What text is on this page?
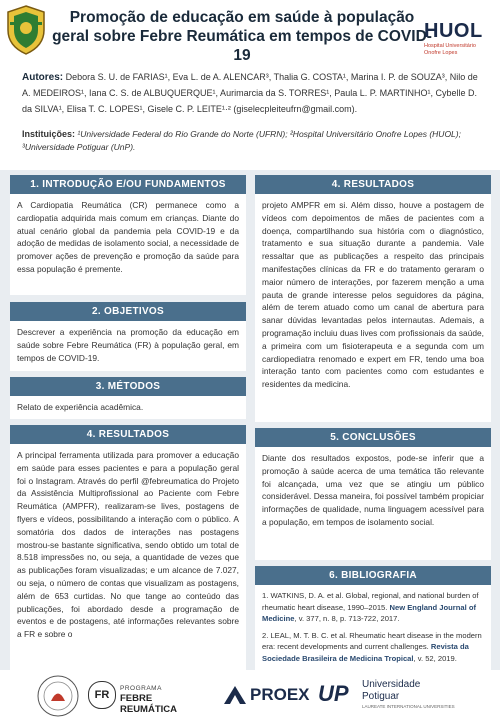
Promoção de educação em saúde à população geral sobre Febre Reumática em tempos de COVID-19
HUOL
Hospital Universitário
Onofre Lopes
Autores: Debora S. U. de FARIAS¹, Eva L. de A. ALENCAR³, Thalia G. COSTA¹, Marina I. P. de SOUZA³, Nilo de A. MEDEIROS¹, Iana C. S. de ALBUQUERQUE¹, Aurimarcia da S. TORRES¹, Paula L. P. MARTINHO¹, Cybelle D. da SILVA¹, Elisa T. C. LOPES¹, Gisele C. P. LEITE¹·² (giselecpleiteufrn@gmail.com).
Instituições: ¹Universidade Federal do Rio Grande do Norte (UFRN); ²Hospital Universitário Onofre Lopes (HUOL); ³Universidade Potiguar (UnP).
1. INTRODUÇÃO E/OU FUNDAMENTOS
A Cardiopatia Reumática (CR) permanece como a cardiopatia adquirida mais comum em crianças. Diante do atual cenário global da pandemia pela COVID-19 e da adoção de medidas de isolamento social, a necessidade de promover ações de prevenção e promoção da saúde para essa população é premente.
2. OBJETIVOS
Descrever a experiência na promoção da educação em saúde sobre Febre Reumática (FR) à população geral, em tempos de COVID-19.
3. MÉTODOS
Relato de experiência acadêmica.
4. RESULTADOS
A principal ferramenta utilizada para promover a educação em saúde para esses pacientes e para a população geral foi o Instagram. Através do perfil @febreumatica do Projeto da Assistência Multiprofissional ao Paciente com Febre Reumática (AMPFR), realizaram-se lives, postagens de flyers e vídeos, possibilitando a interação com o público. A somatória dos dados de interações nas postagens mostrou-se bastante significativa, sendo obtido um total de 8.518 impressões no, ou seja, a quantidade de vezes que as publicações foram visualizadas; e um alcance de 7.027, ou seja, o número de contas que visualizam as postagens, além de 653 curtidas. No que tange ao conteúdo das publicações, foi abordado desde a programação de eventos e de postagens, até informações relevantes sobre a FR e sobre o
4. RESULTADOS
projeto AMPFR em si. Além disso, houve a postagem de vídeos com depoimentos de mães de pacientes com a doença, compartilhando sua história com o diagnóstico, tratamento e sua situação durante a pandemia. Vale ressaltar que as publicações a respeito das principais manifestações clínicas da FR e do tratamento geraram o maior número de interações, por fazerem menção a uma pauta de grande interesse pelos seguidores da página, além de terem atuado como um canal de abertura para sanar dúvidas levantadas pelos internautas. Ademais, a programação incluiu duas lives com profissionais da saúde, a primeira com um fisioterapeuta e a segunda com um cardiopediatra renomado e expert em FR, tendo uma boa interação tanto com pacientes como com estudantes e residentes da medicina.
5. CONCLUSÕES
Diante dos resultados expostos, pode-se inferir que a promoção à saúde acerca de uma temática tão relevante foi alcançada, uma vez que se atingiu um público considerável. Dessa maneira, foi possível também propiciar informações de qualidade, numa linguagem acessível para a população, em tempos de isolamento social.
6. BIBLIOGRAFIA
1. WATKINS, D. A. et al. Global, regional, and national burden of rheumatic heart disease, 1990–2015. New England Journal of Medicine, v. 377, n. 8, p. 713-722, 2017.
2. LEAL, M. T. B. C. et al. Rheumatic heart disease in the modern era: recent developments and current challenges. Revista da Sociedade Brasileira de Medicina Tropical, v. 52, 2019.
FR
PROGRAMA
FEBRE REUMÁTICA
PROEX UP Universidade
Potiguar
LAUREATE INTERNATIONAL UNIVERSITIES
